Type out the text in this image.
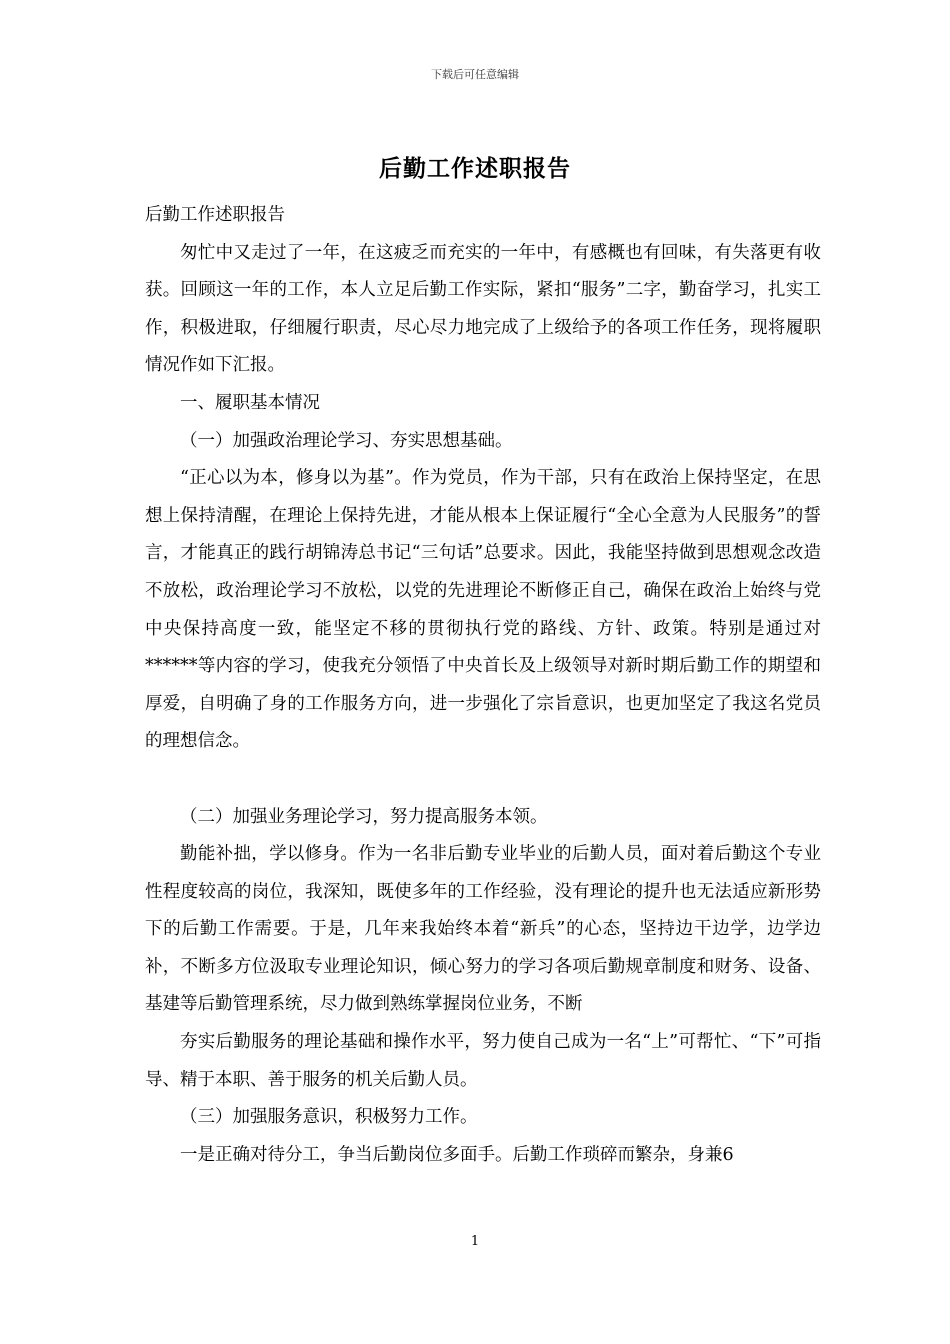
下载后可任意编辑
后勤工作述职报告

后勤工作述职报告

匆忙中又走过了一年，在这疲乏而充实的一年中，有感概也有回味，有失落更有收获。回顾这一年的工作，本人立足后勤工作实际，紧扣“服务”二字，勤奋学习，扎实工作，积极进取，仔细履行职责，尽心尽力地完成了上级给予的各项工作任务，现将履职情况作如下汇报。

一、履职基本情况

（一）加强政治理论学习、夯实思想基础。

“正心以为本，修身以为基”。作为党员，作为干部，只有在政治上保持坚定，在思想上保持清醒，在理论上保持先进，才能从根本上保证履行“全心全意为人民服务”的誓言，才能真正的践行胡锦涛总书记“三句话”总要求。因此，我能坚持做到思想观念改造不放松，政治理论学习不放松，以党的先进理论不断修正自己，确保在政治上始终与党中央保持高度一致，能坚定不移的贯彻执行党的路线、方针、政策。特别是通过对******等内容的学习，使我充分领悟了中央首长及上级领导对新时期后勤工作的期望和厚爱，自明确了身的工作服务方向，进一步强化了宗旨意识，也更加坚定了我这名党员的理想信念。

（二）加强业务理论学习，努力提高服务本领。

勤能补拙，学以修身。作为一名非后勤专业毕业的后勤人员，面对着后勤这个专业性程度较高的岗位，我深知，既使多年的工作经验，没有理论的提升也无法适应新形势下的后勤工作需要。于是，几年来我始终本着“新兵”的心态，坚持边干边学，边学边补，不断多方位汲取专业理论知识，倾心努力的学习各项后勤规章制度和财务、设备、基建等后勤管理系统，尽力做到熟练掌握岗位业务，不断

夯实后勤服务的理论基础和操作水平，努力使自己成为一名“上”可帮忙、“下”可指导、精于本职、善于服务的机关后勤人员。

（三）加强服务意识，积极努力工作。

一是正确对待分工，争当后勤岗位多面手。后勤工作琐碎而繁杂，身兼6

1
